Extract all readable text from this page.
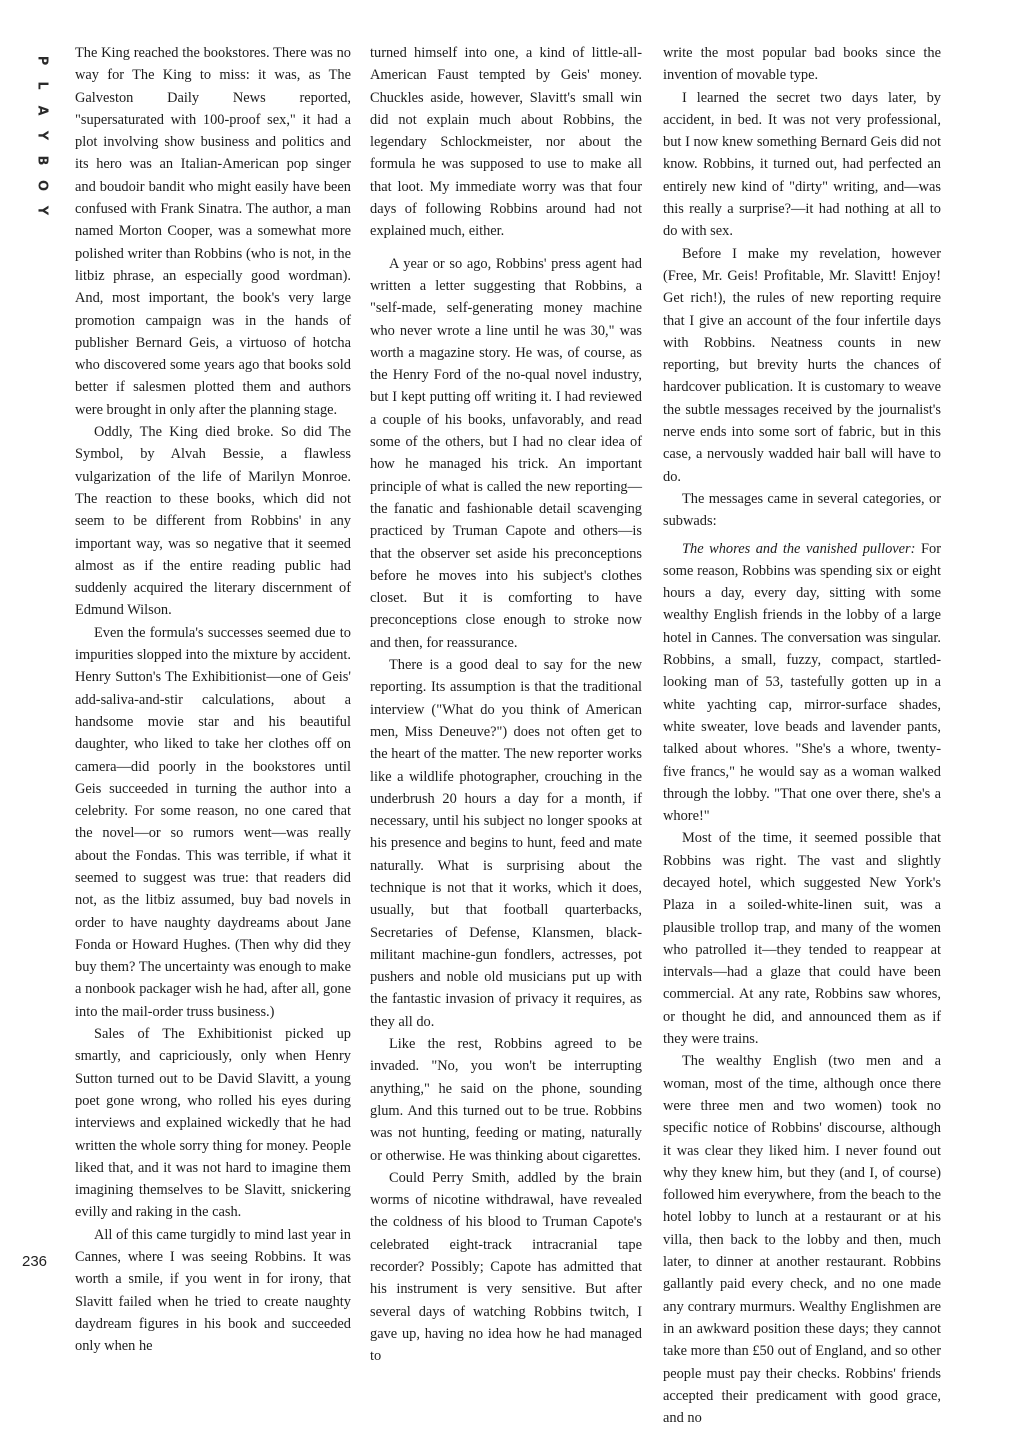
P
L
A
Y
B
O
Y

The King reached the bookstores. There was no way for The King to miss: it was, as The Galveston Daily News reported, "supersaturated with 100-proof sex," it had a plot involving show business and politics and its hero was an Italian-American pop singer and boudoir bandit who might easily have been confused with Frank Sinatra. The author, a man named Morton Cooper, was a somewhat more polished writer than Robbins (who is not, in the litbiz phrase, an especially good wordman). And, most important, the book's very large promotion campaign was in the hands of publisher Bernard Geis, a virtuoso of hotcha who discovered some years ago that books sold better if salesmen plotted them and authors were brought in only after the planning stage.

Oddly, The King died broke. So did The Symbol, by Alvah Bessie, a flawless vulgarization of the life of Marilyn Monroe. The reaction to these books, which did not seem to be different from Robbins' in any important way, was so negative that it seemed almost as if the entire reading public had suddenly acquired the literary discernment of Edmund Wilson.

Even the formula's successes seemed due to impurities slopped into the mixture by accident. Henry Sutton's The Exhibitionist—one of Geis' add-saliva-and-stir calculations, about a handsome movie star and his beautiful daughter, who liked to take her clothes off on camera—did poorly in the bookstores until Geis succeeded in turning the author into a celebrity. For some reason, no one cared that the novel—or so rumors went—was really about the Fondas. This was terrible, if what it seemed to suggest was true: that readers did not, as the litbiz assumed, buy bad novels in order to have naughty daydreams about Jane Fonda or Howard Hughes. (Then why did they buy them? The uncertainty was enough to make a nonbook packager wish he had, after all, gone into the mail-order truss business.)

Sales of The Exhibitionist picked up smartly, and capriciously, only when Henry Sutton turned out to be David Slavitt, a young poet gone wrong, who rolled his eyes during interviews and explained wickedly that he had written the whole sorry thing for money. People liked that, and it was not hard to imagine them imagining themselves to be Slavitt, snickering evilly and raking in the cash.

All of this came turgidly to mind last year in Cannes, where I was seeing Robbins. It was worth a smile, if you went in for irony, that Slavitt failed when he tried to create naughty daydream figures in his book and succeeded only when he

turned himself into one, a kind of little-all-American Faust tempted by Geis' money. Chuckles aside, however, Slavitt's small win did not explain much about Robbins, the legendary Schlockmeister, nor about the formula he was supposed to use to make all that loot. My immediate worry was that four days of following Robbins around had not explained much, either.

A year or so ago, Robbins' press agent had written a letter suggesting that Robbins, a "self-made, self-generating money machine who never wrote a line until he was 30," was worth a magazine story. He was, of course, as the Henry Ford of the no-qual novel industry, but I kept putting off writing it. I had reviewed a couple of his books, unfavorably, and read some of the others, but I had no clear idea of how he managed his trick. An important principle of what is called the new reporting—the fanatic and fashionable detail scavenging practiced by Truman Capote and others—is that the observer set aside his preconceptions before he moves into his subject's clothes closet. But it is comforting to have preconceptions close enough to stroke now and then, for reassurance.

There is a good deal to say for the new reporting. Its assumption is that the traditional interview ("What do you think of American men, Miss Deneuve?") does not often get to the heart of the matter. The new reporter works like a wildlife photographer, crouching in the underbrush 20 hours a day for a month, if necessary, until his subject no longer spooks at his presence and begins to hunt, feed and mate naturally. What is surprising about the technique is not that it works, which it does, usually, but that football quarterbacks, Secretaries of Defense, Klansmen, black-militant machine-gun fondlers, actresses, pot pushers and noble old musicians put up with the fantastic invasion of privacy it requires, as they all do.

Like the rest, Robbins agreed to be invaded. "No, you won't be interrupting anything," he said on the phone, sounding glum. And this turned out to be true. Robbins was not hunting, feeding or mating, naturally or otherwise. He was thinking about cigarettes.

Could Perry Smith, addled by the brain worms of nicotine withdrawal, have revealed the coldness of his blood to Truman Capote's celebrated eight-track intracranial tape recorder? Possibly; Capote has admitted that his instrument is very sensitive. But after several days of watching Robbins twitch, I gave up, having no idea how he had managed to

write the most popular bad books since the invention of movable type.

I learned the secret two days later, by accident, in bed. It was not very professional, but I now knew something Bernard Geis did not know. Robbins, it turned out, had perfected an entirely new kind of "dirty" writing, and—was this really a surprise?—it had nothing at all to do with sex.

Before I make my revelation, however (Free, Mr. Geis! Profitable, Mr. Slavitt! Enjoy! Get rich!), the rules of new reporting require that I give an account of the four infertile days with Robbins. Neatness counts in new reporting, but brevity hurts the chances of hardcover publication. It is customary to weave the subtle messages received by the journalist's nerve ends into some sort of fabric, but in this case, a nervously wadded hair ball will have to do.

The messages came in several categories, or subwads:

The whores and the vanished pullover: For some reason, Robbins was spending six or eight hours a day, every day, sitting with some wealthy English friends in the lobby of a large hotel in Cannes. The conversation was singular. Robbins, a small, fuzzy, compact, startled-looking man of 53, tastefully gotten up in a white yachting cap, mirror-surface shades, white sweater, love beads and lavender pants, talked about whores. "She's a whore, twenty-five francs," he would say as a woman walked through the lobby. "That one over there, she's a whore!"

Most of the time, it seemed possible that Robbins was right. The vast and slightly decayed hotel, which suggested New York's Plaza in a soiled-white-linen suit, was a plausible trollop trap, and many of the women who patrolled it—they tended to reappear at intervals—had a glaze that could have been commercial. At any rate, Robbins saw whores, or thought he did, and announced them as if they were trains.

The wealthy English (two men and a woman, most of the time, although once there were three men and two women) took no specific notice of Robbins' discourse, although it was clear they liked him. I never found out why they knew him, but they (and I, of course) followed him everywhere, from the beach to the hotel lobby to lunch at a restaurant or at his villa, then back to the lobby and then, much later, to dinner at another restaurant. Robbins gallantly paid every check, and no one made any contrary murmurs. Wealthy Englishmen are in an awkward position these days; they cannot take more than £50 out of England, and so other people must pay their checks. Robbins' friends accepted their predicament with good grace, and no

236
